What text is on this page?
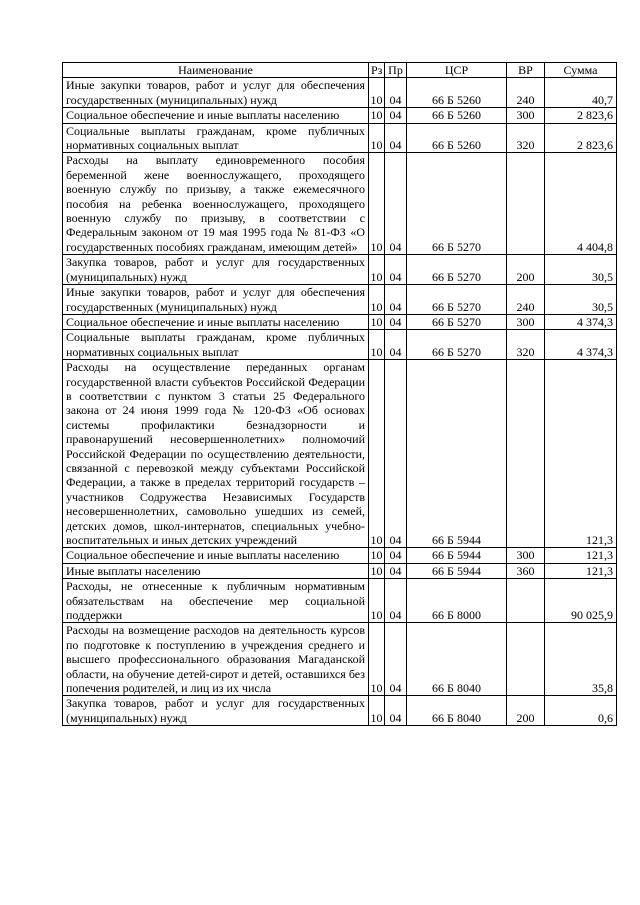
Наименование	Рз	Пр	ЦСР	ВР	Сумма
Иные закупки товаров, работ и услуг для обеспечения государственных (муниципальных) нужд	10	04	66 Б 5260	240	40,7
Социальное обеспечение и иные выплаты населению	10	04	66 Б 5260	300	2 823,6
Социальные выплаты гражданам, кроме публичных нормативных социальных выплат	10	04	66 Б 5260	320	2 823,6
Расходы на выплату единовременного пособия беременной жене военнослужащего, проходящего военную службу по призыву, а также ежемесячного пособия на ребенка военнослужащего, проходящего военную службу по призыву, в соответствии с Федеральным законом от 19 мая 1995 года № 81-ФЗ «О государственных пособиях гражданам, имеющим детей»	10	04	66 Б 5270		4 404,8
Закупка товаров, работ и услуг для государственных (муниципальных) нужд	10	04	66 Б 5270	200	30,5
Иные закупки товаров, работ и услуг для обеспечения государственных (муниципальных) нужд	10	04	66 Б 5270	240	30,5
Социальное обеспечение и иные выплаты населению	10	04	66 Б 5270	300	4 374,3
Социальные выплаты гражданам, кроме публичных нормативных социальных выплат	10	04	66 Б 5270	320	4 374,3
Расходы на осуществление переданных органам государственной власти субъектов Российской Федерации в соответствии с пунктом 3 статьи 25 Федерального закона от 24 июня 1999 года № 120-ФЗ «Об основах системы профилактики безнадзорности и правонарушений несовершеннолетних» полномочий Российской Федерации по осуществлению деятельности, связанной с перевозкой между субъектами Российской Федерации, а также в пределах территорий государств – участников Содружества Независимых Государств несовершеннолетних, самовольно ушедших из семей, детских домов, школ-интернатов, специальных учебно-воспитательных и иных детских учреждений	10	04	66 Б 5944		121,3
Социальное обеспечение и иные выплаты населению	10	04	66 Б 5944	300	121,3
Иные выплаты населению	10	04	66 Б 5944	360	121,3
Расходы, не отнесенные к публичным нормативным обязательствам на обеспечение мер социальной поддержки	10	04	66 Б 8000		90 025,9
Расходы на возмещение расходов на деятельность курсов по подготовке к поступлению в учреждения среднего и высшего профессионального образования Магаданской области, на обучение детей-сирот и детей, оставшихся без попечения родителей, и лиц из их числа	10	04	66 Б 8040		35,8
Закупка товаров, работ и услуг для государственных (муниципальных) нужд	10	04	66 Б 8040	200	0,6
